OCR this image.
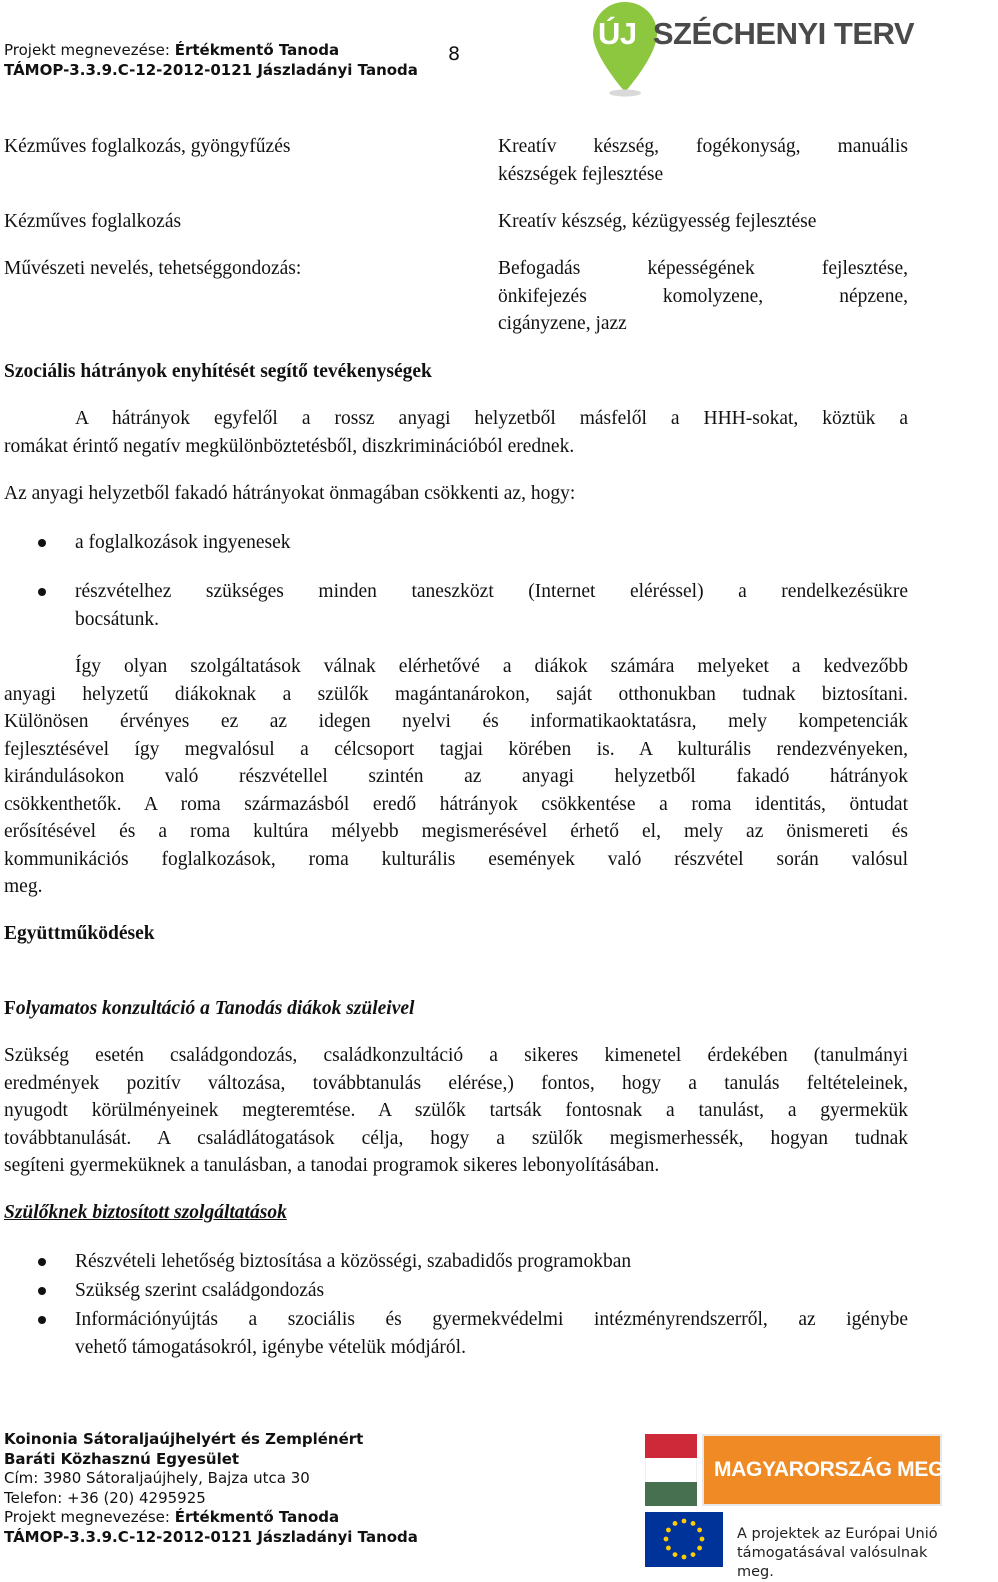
Projekt megnevezése: Értékmentő Tanoda	8
TÁMOP-3.3.9.C-12-2012-0121 Jászladányi Tanoda
ÚJ  SZÉCHENYI TERV
Kézműves foglalkozás, gyöngyfűzés	Kreatív készség, fogékonyság, manuális
készségek fejlesztése
Kézműves foglalkozás	Kreatív készség, kézügyesség fejlesztése
Művészeti nevelés, tehetséggondozás:	Befogadás képességének fejlesztése,
önkifejezés komolyzene, népzene,
cigányzene, jazz
Szociális hátrányok enyhítését segítő tevékenységek
A hátrányok egyfelől a rossz anyagi helyzetből másfelől a HHH-sokat, köztük a
romákat érintő negatív megkülönböztetésből, diszkriminációból erednek.
Az anyagi helyzetből fakadó hátrányokat önmagában csökkenti az, hogy:
a foglalkozások ingyenesek
részvételhez szükséges minden taneszközt (Internet eléréssel) a rendelkezésükre
bocsátunk.
Így olyan szolgáltatások válnak elérhetővé a diákok számára melyeket a kedvezőbb
anyagi helyzetű diákoknak a szülők magántanárokon, saját otthonukban tudnak biztosítani.
Különösen érvényes ez az idegen nyelvi és informatikaoktatásra, mely kompetenciák
fejlesztésével így megvalósul a célcsoport tagjai körében is. A kulturális rendezvényeken,
kirándulásokon való részvétellel szintén az anyagi helyzetből fakadó hátrányok
csökkenthetők. A roma származásból eredő hátrányok csökkentése a roma identitás, öntudat
erősítésével és a roma kultúra mélyebb megismerésével érhető el, mely az önismereti és
kommunikációs foglalkozások, roma kulturális események való részvétel során valósul
meg.
Együttműködések
Folyamatos konzultáció a Tanodás diákok szüleivel
Szükség esetén családgondozás, családkonzultáció a sikeres kimenetel érdekében (tanulmányi
eredmények pozitív változása, továbbtanulás elérése,) fontos, hogy a tanulás feltételeinek,
nyugodt körülményeinek megteremtése. A szülők tartsák fontosnak a tanulást, a gyermekük
továbbtanulását. A családlátogatások célja, hogy a szülők megismerhessék, hogyan tudnak
segíteni gyermeküknek a tanulásban, a tanodai programok sikeres lebonyolításában.
Szülőknek biztosított szolgáltatások
Részvételi lehetőség biztosítása a közösségi, szabadidős programokban
Szükség szerint családgondozás
Információnyújtás a szociális és gyermekvédelmi intézményrendszerről, az igénybe
vehető támogatásokról, igénybe vételük módjáról.
Koinonia Sátoraljaújhelyért és Zemplénért
Baráti Közhasznú Egyesület
Cím: 3980 Sátoraljaújhely, Bajza utca 30
Telefon: +36 (20) 4295925
Projekt megnevezése: Értékmentő Tanoda
TÁMOP-3.3.9.C-12-2012-0121 Jászladányi Tanoda
MAGYARORSZÁG MEGÚJUL
A projektek az Európai Unió
támogatásával valósulnak meg.
